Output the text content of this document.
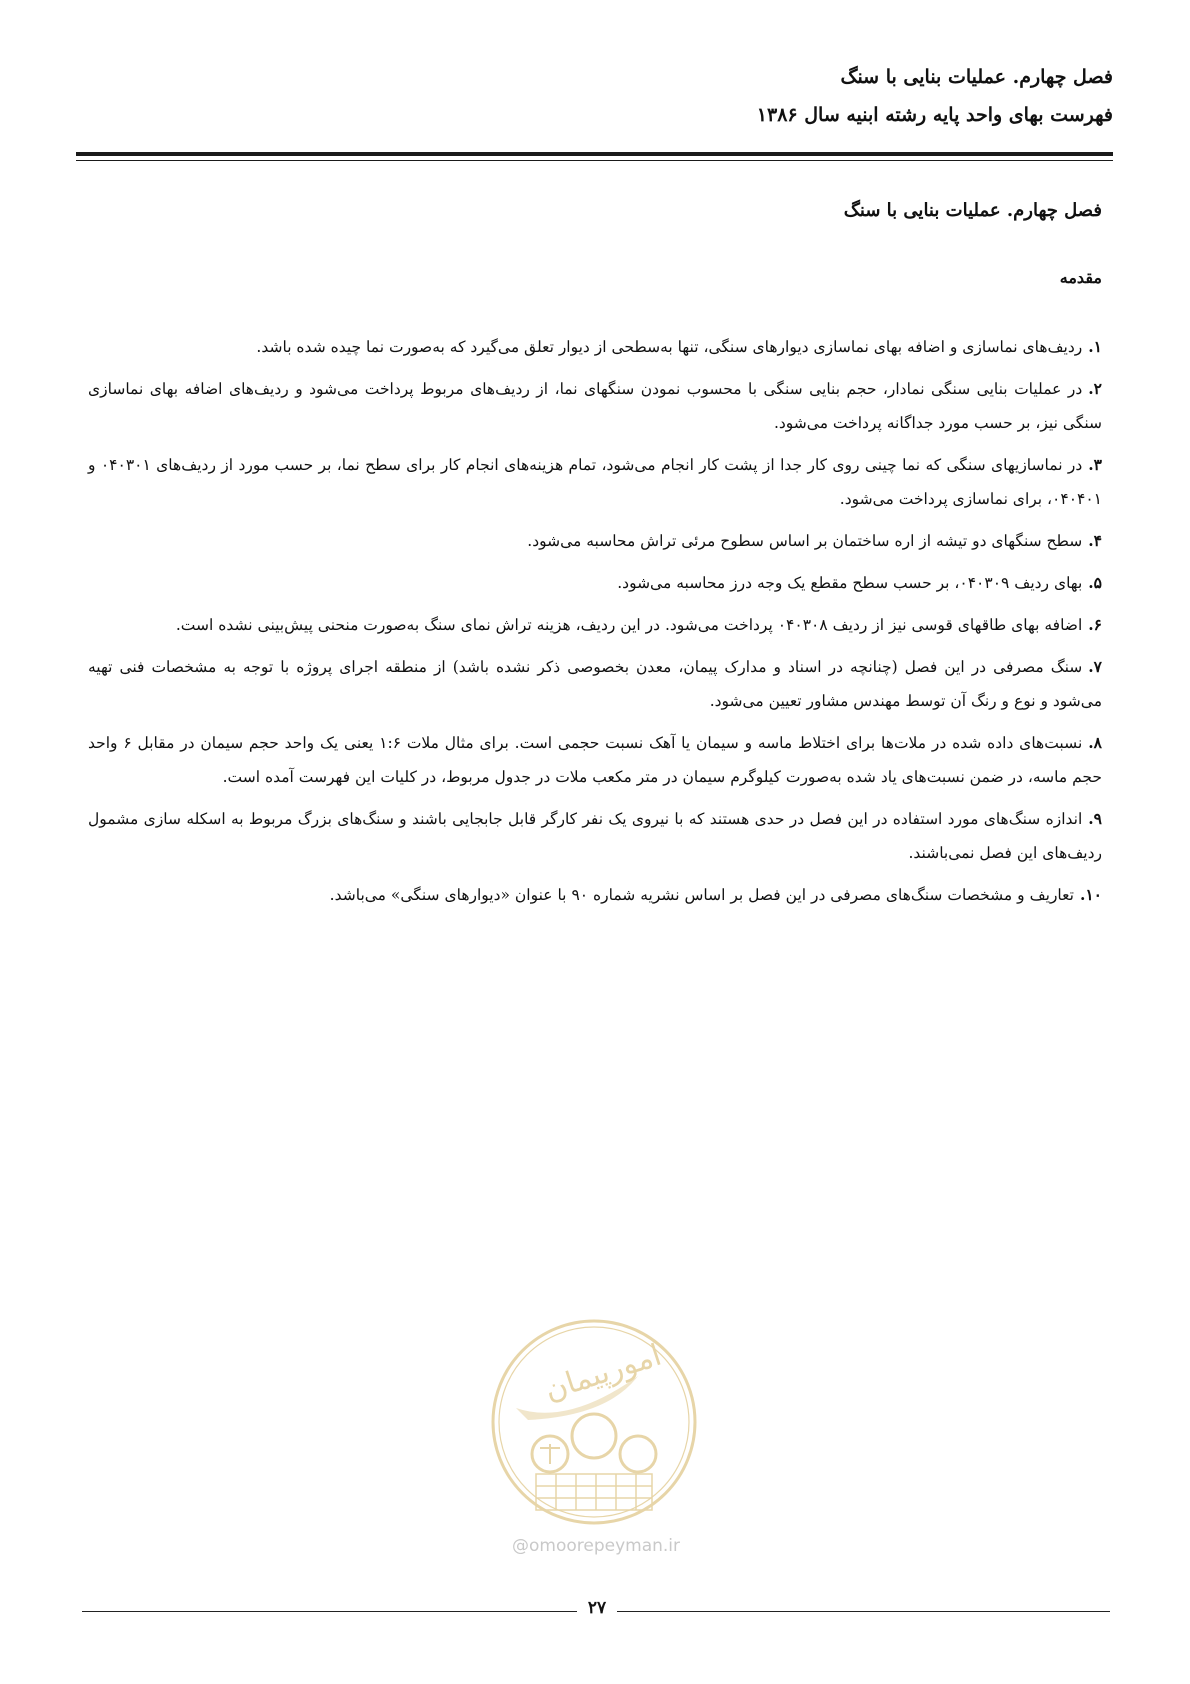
فصل چهارم. عملیات بنایی با سنگ
فهرست بهای واحد پایه رشته ابنیه سال ۱۳۸۶
فصل چهارم. عملیات بنایی با سنگ
مقدمه
۱.ردیف‌های نماسازی و اضافه بهای نماسازی دیوارهای سنگی، تنها به‌سطحی از دیوار تعلق می‌گیرد که به‌صورت نما چیده شده باشد.
۲.در عملیات بنایی سنگی نمادار، حجم بنایی سنگی با محسوب نمودن سنگهای نما، از ردیف‌های مربوط پرداخت می‌شود و ردیف‌های اضافه بهای نماسازی سنگی نیز، بر حسب مورد جداگانه پرداخت می‌شود.
۳.در نماسازیهای سنگی که نما چینی روی کار جدا از پشت کار انجام می‌شود، تمام هزینه‌های انجام کار برای سطح نما، بر حسب مورد از ردیف‌های ۰۴۰۳۰۱ و ۰۴۰۴۰۱، برای نماسازی پرداخت می‌شود.
۴.سطح سنگهای دو تیشه از اره ساختمان بر اساس سطوح مرئی تراش محاسبه می‌شود.
۵.بهای ردیف ۰۴۰۳۰۹، بر حسب سطح مقطع یک وجه درز محاسبه می‌شود.
۶.اضافه بهای طاقهای قوسی نیز از ردیف ۰۴۰۳۰۸ پرداخت می‌شود. در این ردیف، هزینه تراش نمای سنگ به‌صورت منحنی پیش‌بینی نشده است.
۷.سنگ مصرفی در این فصل (چنانچه در اسناد و مدارک پیمان، معدن بخصوصی ذکر نشده باشد) از منطقه اجرای پروژه با توجه به مشخصات فنی تهیه می‌شود و نوع و رنگ آن توسط مهندس مشاور تعیین می‌شود.
۸.نسبت‌های داده شده در ملات‌ها برای اختلاط ماسه و سیمان یا آهک نسبت حجمی است. برای مثال ملات ۱:۶ یعنی یک واحد حجم سیمان در مقابل ۶ واحد حجم ماسه، در ضمن نسبت‌های یاد شده به‌صورت کیلوگرم سیمان در متر مکعب ملات در جدول مربوط، در کلیات این فهرست آمده است.
۹.اندازه سنگ‌های مورد استفاده در این فصل در حدی هستند که با نیروی یک نفر کارگر قابل جابجایی باشند و سنگ‌های بزرگ مربوط به اسکله سازی مشمول ردیف‌های این فصل نمی‌باشند.
۱۰.تعاریف و مشخصات سنگ‌های مصرفی در این فصل بر اساس نشریه شماره ۹۰ با عنوان «دیوارهای سنگی» می‌باشد.
امورپیمان
@omoorepeyman.ir
۲۷
